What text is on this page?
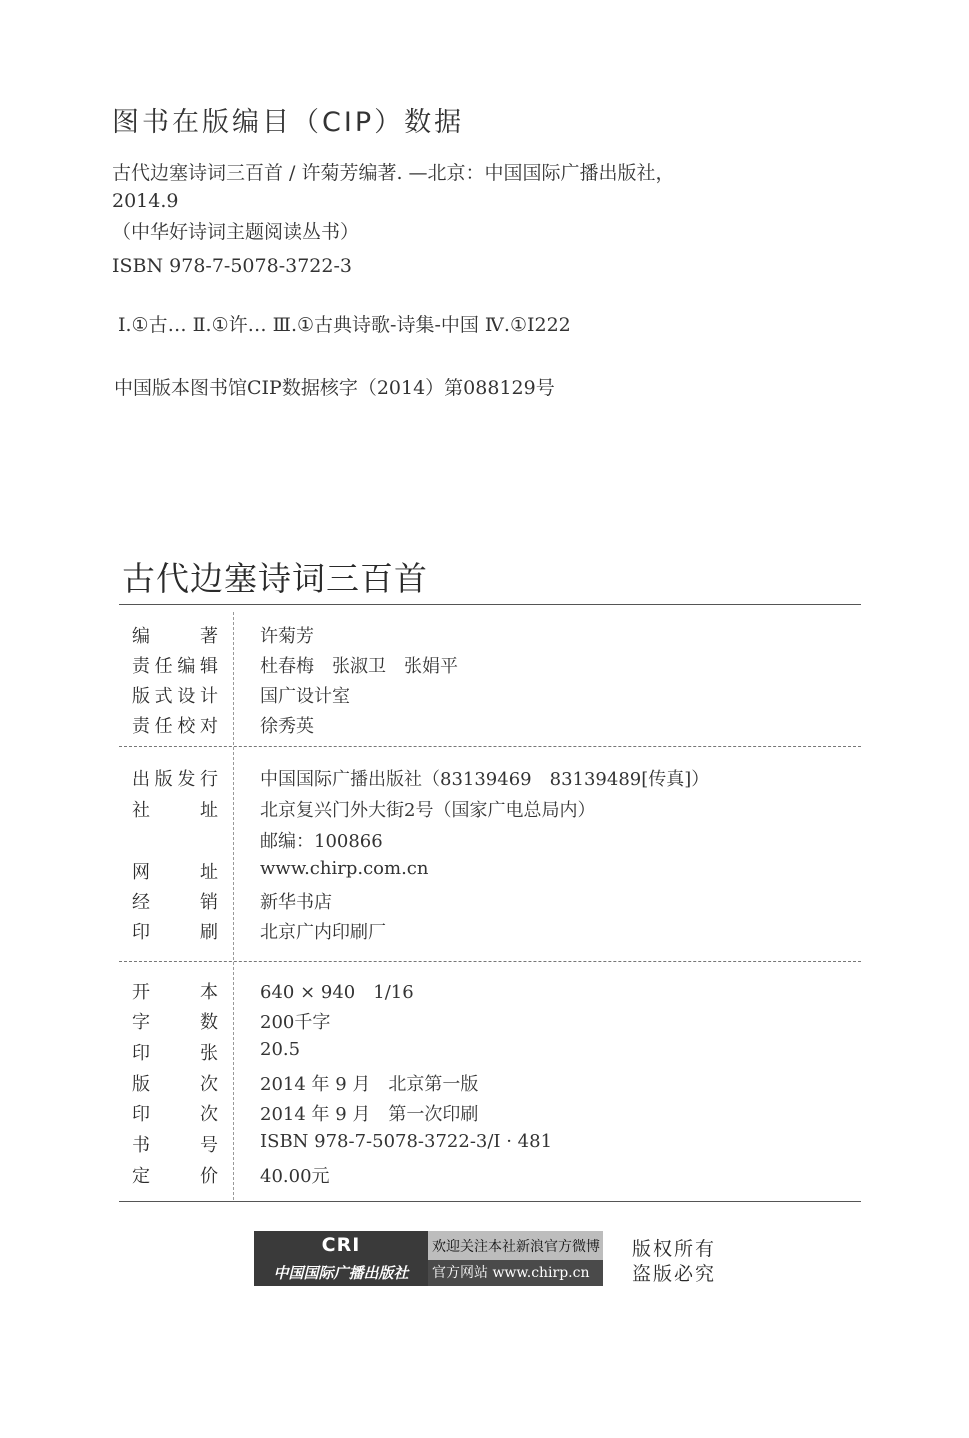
图书在版编目（CIP）数据
古代边塞诗词三百首 / 许菊芳编著. —北京：中国国际广播出版社，
2014.9
（中华好诗词主题阅读丛书）
ISBN 978-7-5078-3722-3
Ⅰ.①古… Ⅱ.①许… Ⅲ.①古典诗歌-诗集-中国 Ⅳ.①I222
中国版本图书馆CIP数据核字（2014）第088129号
古代边塞诗词三百首
编著 许菊芳
责任编辑 杜春梅　张淑卫　张娟平
版式设计 国广设计室
责任校对 徐秀英
出版发行 中国国际广播出版社（83139469　83139489[传真]）
社址 北京复兴门外大街2号（国家广电总局内）
邮编：100866
网址 www.chirp.com.cn
经销 新华书店
印刷 北京广内印刷厂
开本 640 × 940　1/16
字数 200千字
印张 20.5
版次 2014 年 9 月　北京第一版
印次 2014 年 9 月　第一次印刷
书号 ISBN 978-7-5078-3722-3/I · 481
定价 40.00元
CRI
中国国际广播出版社
欢迎关注本社新浪官方微博
官方网站 www.chirp.cn
版权所有
盗版必究
